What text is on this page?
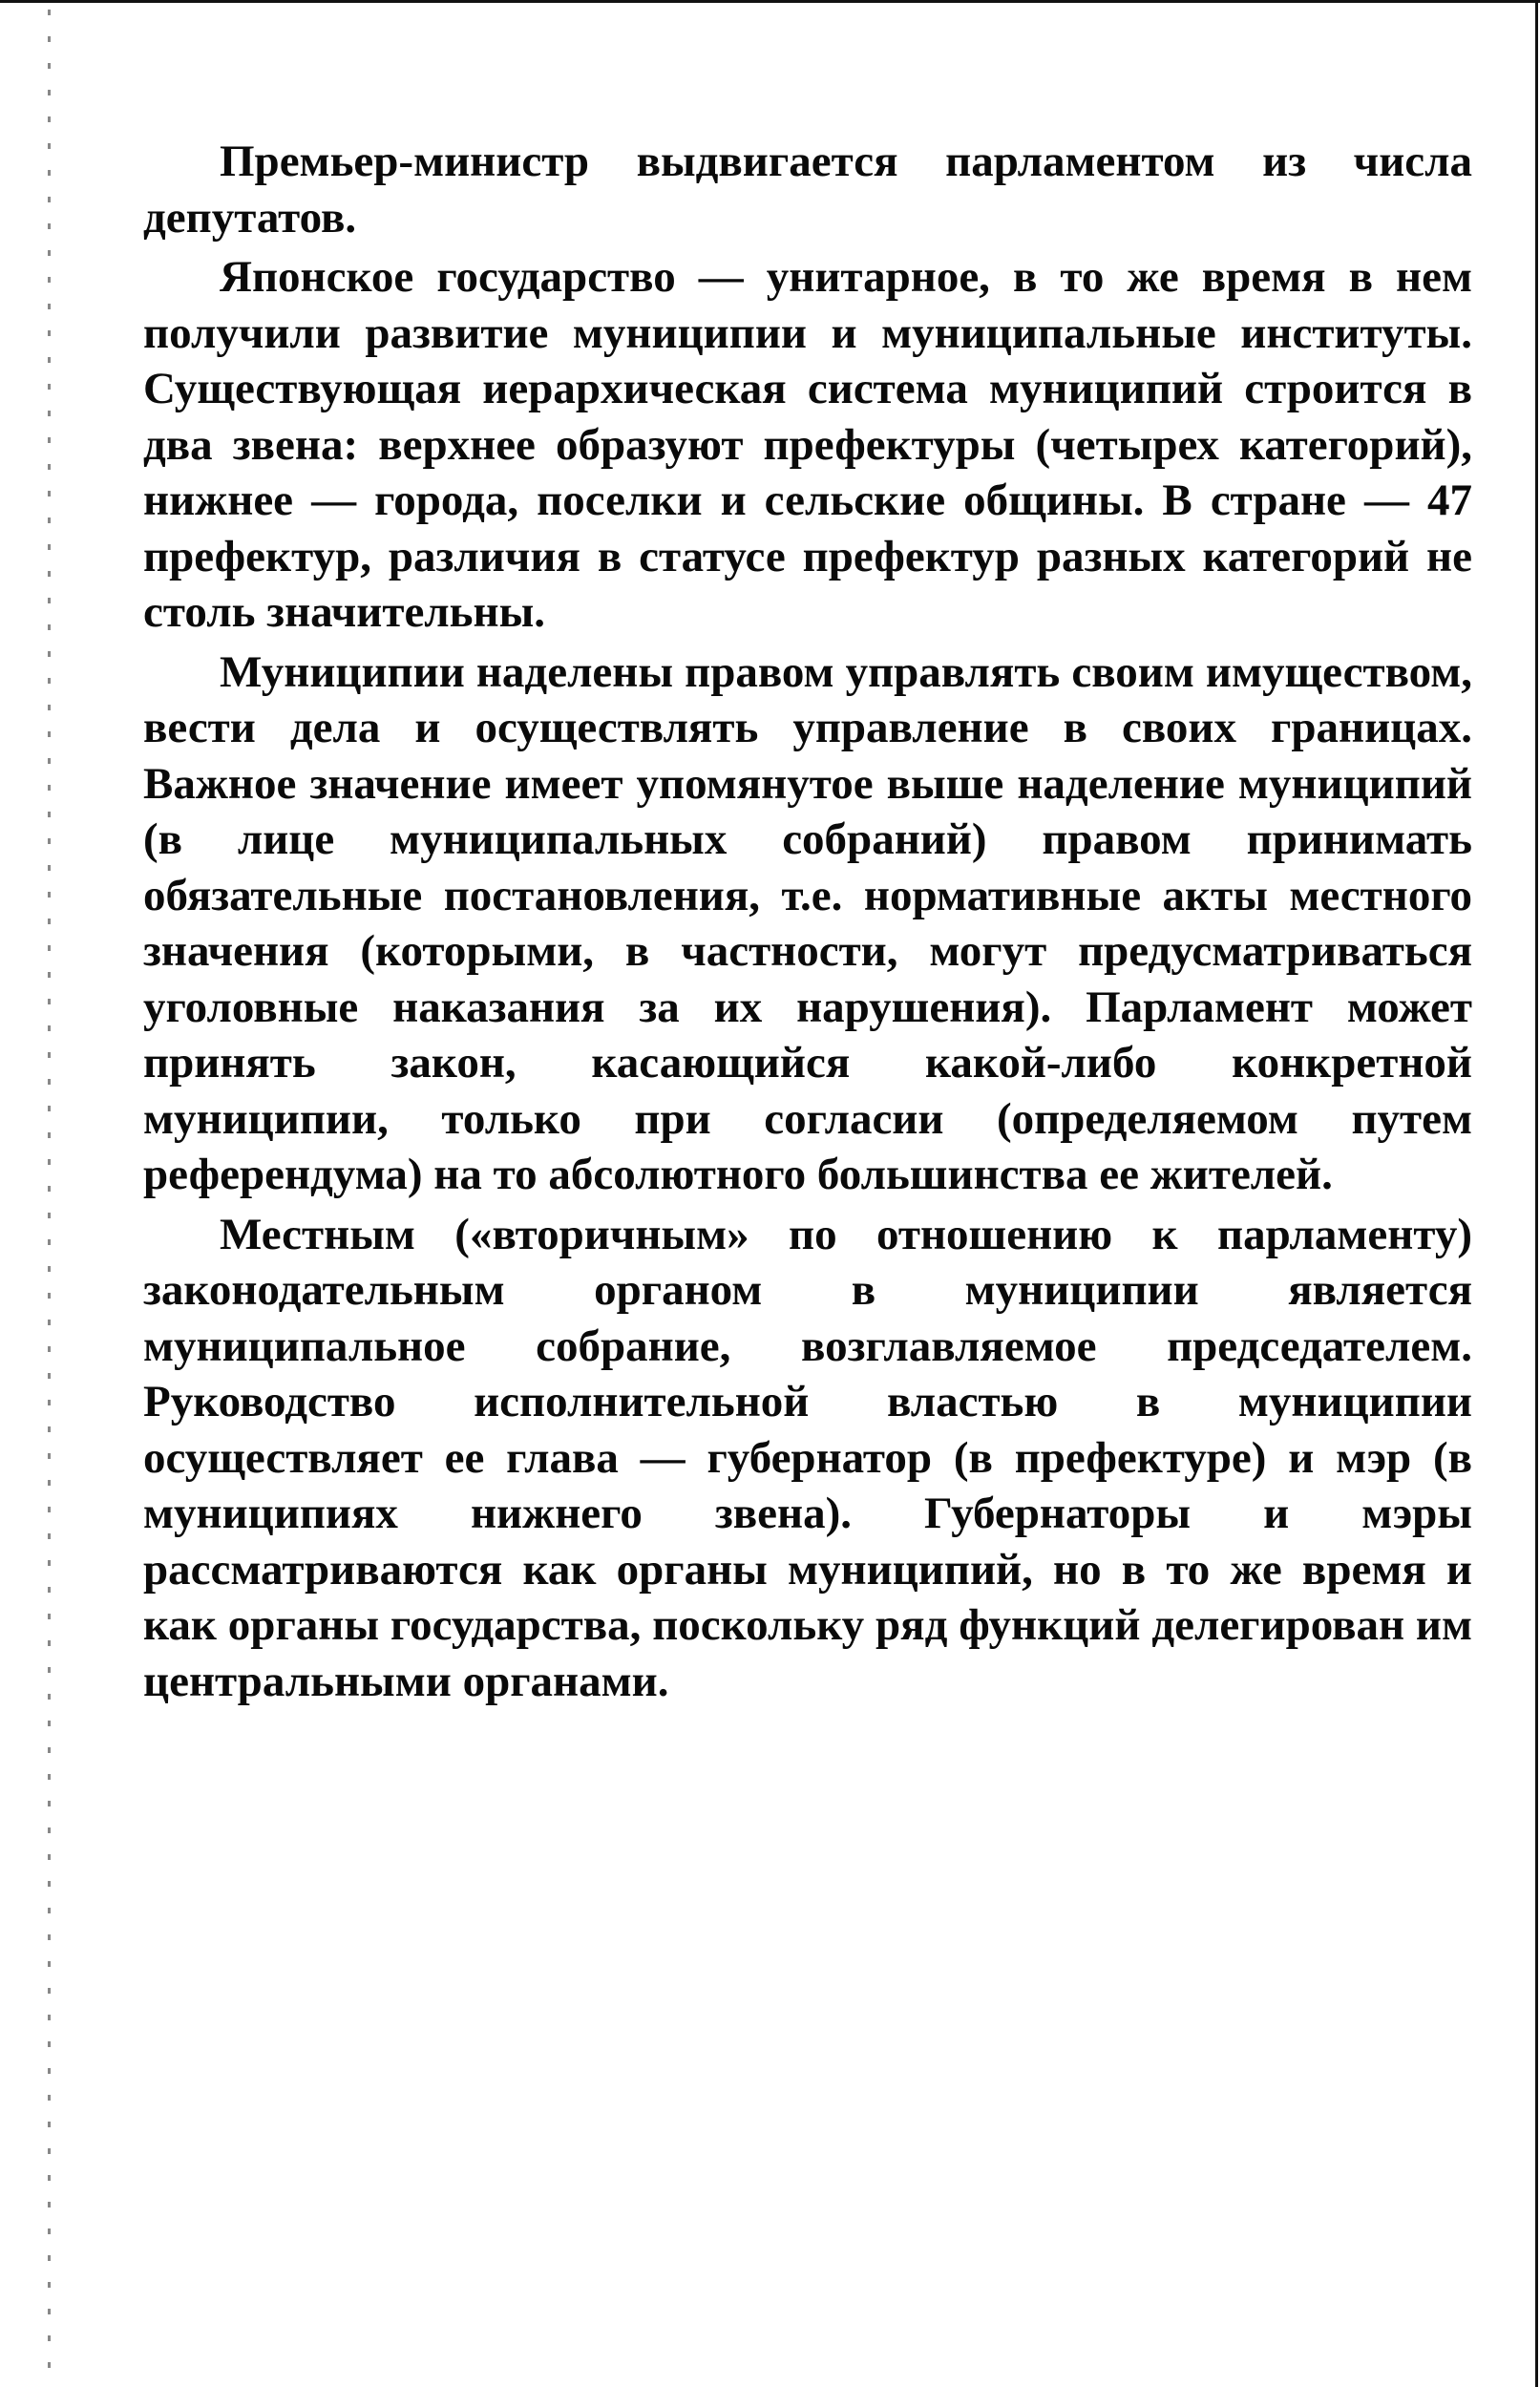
Премьер-министр выдвигается парламентом из числа депутатов.

Японское государство — унитарное, в то же время в нем получили развитие муниципии и муниципальные институты. Существующая иерархическая система муниципий строится в два звена: верхнее образуют префектуры (четырех категорий), нижнее — города, поселки и сельские общины. В стране — 47 префектур, различия в статусе префектур разных категорий не столь значительны.

Муниципии наделены правом управлять своим имуществом, вести дела и осуществлять управление в своих границах. Важное значение имеет упомянутое выше наделение муниципий (в лице муниципальных собраний) правом принимать обязательные постановления, т.е. нормативные акты местного значения (которыми, в частности, могут предусматриваться уголовные наказания за их нарушения). Парламент может принять закон, касающийся какой-либо конкретной муниципии, только при согласии (определяемом путем референдума) на то абсолютного большинства ее жителей.

Местным («вторичным» по отношению к парламенту) законодательным органом в муниципии является муниципальное собрание, возглавляемое председателем. Руководство исполнительной властью в муниципии осуществляет ее глава — губернатор (в префектуре) и мэр (в муниципиях нижнего звена). Губернаторы и мэры рассматриваются как органы муниципий, но в то же время и как органы государства, поскольку ряд функций делегирован им центральными органами.
